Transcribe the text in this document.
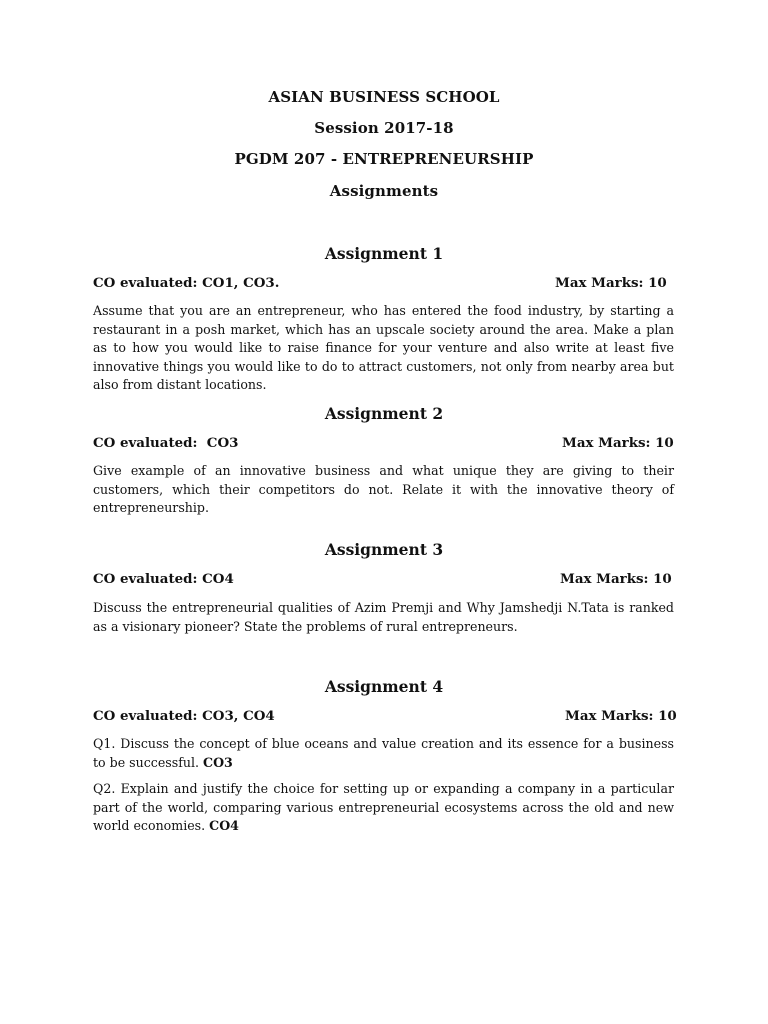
ASIAN BUSINESS SCHOOL
Session 2017-18
PGDM 207 - ENTREPRENEURSHIP
Assignments
Assignment 1
CO evaluated: CO1, CO3.	Max Marks: 10

Assume that you are an entrepreneur, who has entered the food industry, by starting a restaurant in a posh market, which has an upscale society around the area. Make a plan as to how you would like to raise finance for your venture and also write at least five innovative things you would like to do to attract customers, not only from nearby area but also from distant locations.

Assignment 2
CO evaluated:  CO3	Max Marks: 10

Give example of an innovative business and what unique they are giving to their customers, which their competitors do not. Relate it with the innovative theory of entrepreneurship.

Assignment 3
CO evaluated: CO4	Max Marks: 10

Discuss the entrepreneurial qualities of Azim Premji and Why Jamshedji N.Tata is ranked as a visionary pioneer? State the problems of rural entrepreneurs.

Assignment 4
CO evaluated: CO3, CO4	Max Marks: 10

Q1. Discuss the concept of blue oceans and value creation and its essence for a business to be successful. CO3

Q2. Explain and justify the choice for setting up or expanding a company in a particular part of the world, comparing various entrepreneurial ecosystems across the old and new world economies. CO4
